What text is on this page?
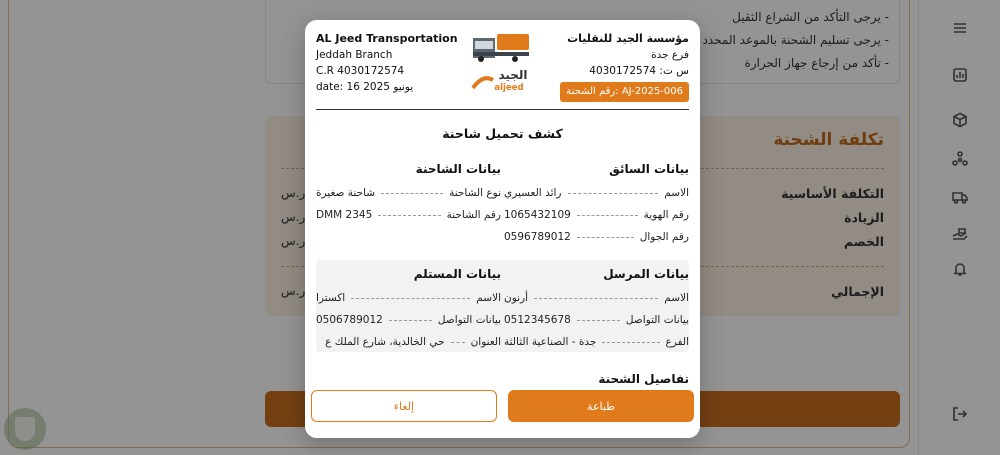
- يرجى التأكد من الشراع الثقيل
- يرجى تسليم الشحنة بالموعد المحدد
- تأكد من إرجاع جهاز الحرارة
تكلفة الشحنة
التكلفة الأساسية
ر.س
الزيادة
ر.س
الخصم
ر.س
الإجمالي
ر.س
AL Jeed Transportation
Jeddah Branch
C.R 4030172574
date: 16 يونيو 2025
الجيد
aljeed
مؤسسة الجيد للنقليات
فرع جدة
س ت: 4030172574
رقم الشحنة: AJ-2025-006
كشف تحميل شاحنة
بيانات السائق
الاسم
رائد العسيري
رقم الهوية
1065432109
رقم الجوال
0596789012
بيانات الشاحنة
نوع الشاحنة
شاحنة صغيرة
رقم الشاحنة
DMM 2345
بيانات المرسل
الاسم
أرنون
بيانات التواصل
0512345678
الفرع
جدة - الصناعية الثالثة
بيانات المستلم
الاسم
اكسترا
بيانات التواصل
0506789012
العنوان
حي الخالدية، شارع الملك ع
تفاصيل الشحنة
طباعة
إلغاء
